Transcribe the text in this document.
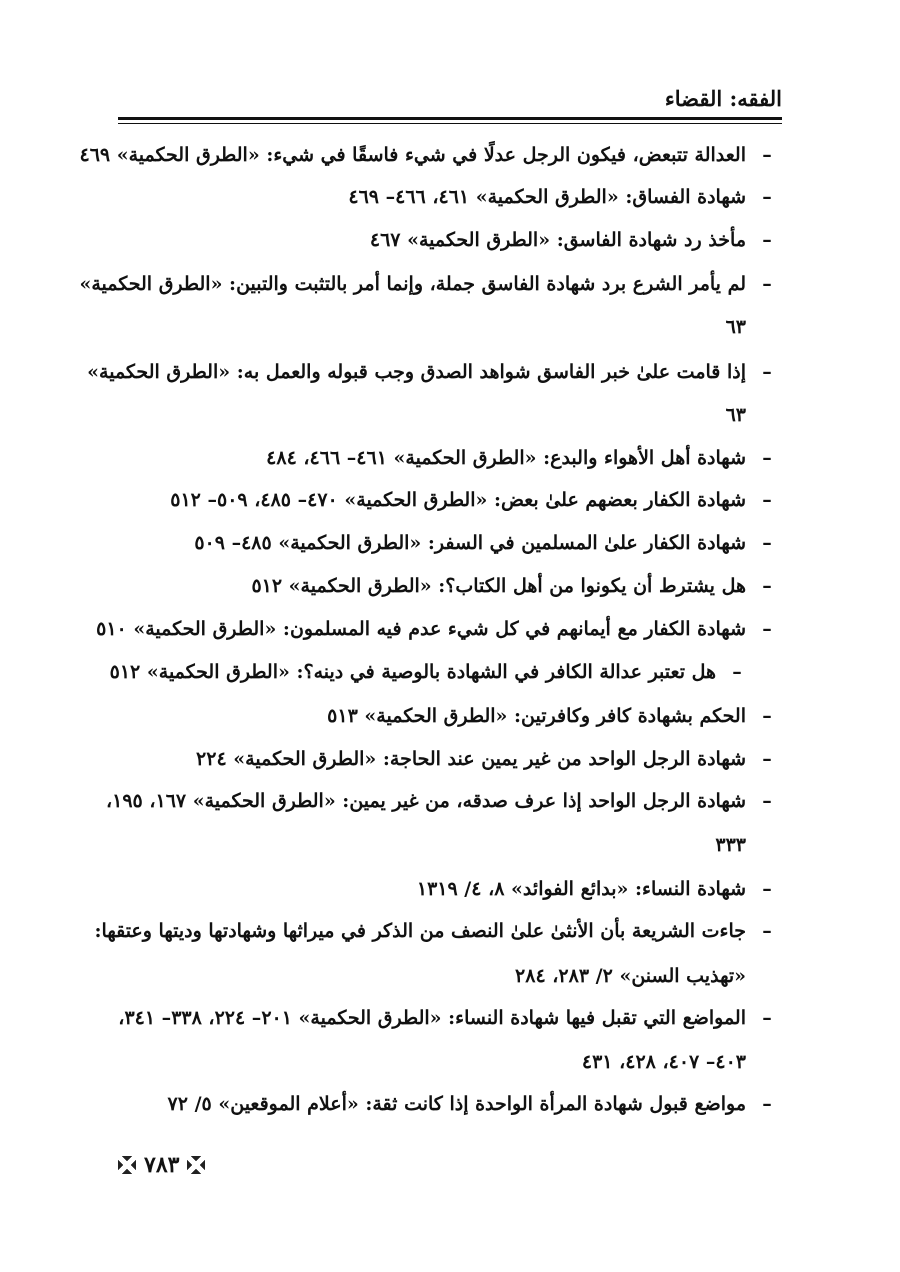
الفقه: القضاء
–
العدالة تتبعض، فيكون الرجل عدلًا في شيء فاسقًا في شيء: «الطرق الحكمية» ٤٦٩
–
شهادة الفساق: «الطرق الحكمية» ٤٦١، ٤٦٦– ٤٦٩
–
مأخذ رد شهادة الفاسق: «الطرق الحكمية» ٤٦٧
–
لم يأمر الشرع برد شهادة الفاسق جملة، وإنما أمر بالتثبت والتبين: «الطرق الحكمية»
٦٣
–
إذا قامت علىٰ خبر الفاسق شواهد الصدق وجب قبوله والعمل به: «الطرق الحكمية»
٦٣
–
شهادة أهل الأهواء والبدع: «الطرق الحكمية» ٤٦١– ٤٦٦، ٤٨٤
–
شهادة الكفار بعضهم علىٰ بعض: «الطرق الحكمية» ٤٧٠– ٤٨٥، ٥٠٩– ٥١٢
–
شهادة الكفار علىٰ المسلمين في السفر: «الطرق الحكمية» ٤٨٥– ٥٠٩
–
هل يشترط أن يكونوا من أهل الكتاب؟: «الطرق الحكمية» ٥١٢
–
شهادة الكفار مع أيمانهم في كل شيء عدم فيه المسلمون: «الطرق الحكمية» ٥١٠
–
هل تعتبر عدالة الكافر في الشهادة بالوصية في دينه؟: «الطرق الحكمية» ٥١٢
–
الحكم بشهادة كافر وكافرتين: «الطرق الحكمية» ٥١٣
–
شهادة الرجل الواحد من غير يمين عند الحاجة: «الطرق الحكمية» ٢٢٤
–
شهادة الرجل الواحد إذا عرف صدقه، من غير يمين: «الطرق الحكمية» ١٦٧، ١٩٥،
٣٣٣
–
شهادة النساء: «بدائع الفوائد» ٨، ٤/ ١٣١٩
–
جاءت الشريعة بأن الأنثىٰ علىٰ النصف من الذكر في ميراثها وشهادتها وديتها وعتقها:
«تهذيب السنن» ٢/ ٢٨٣، ٢٨٤
–
المواضع التي تقبل فيها شهادة النساء: «الطرق الحكمية» ٢٠١– ٢٢٤، ٣٣٨– ٣٤١،
٤٠٣– ٤٠٧، ٤٢٨، ٤٣١
–
مواضع قبول شهادة المرأة الواحدة إذا كانت ثقة: «أعلام الموقعين» ٥/ ٧٢
٧٨٣
